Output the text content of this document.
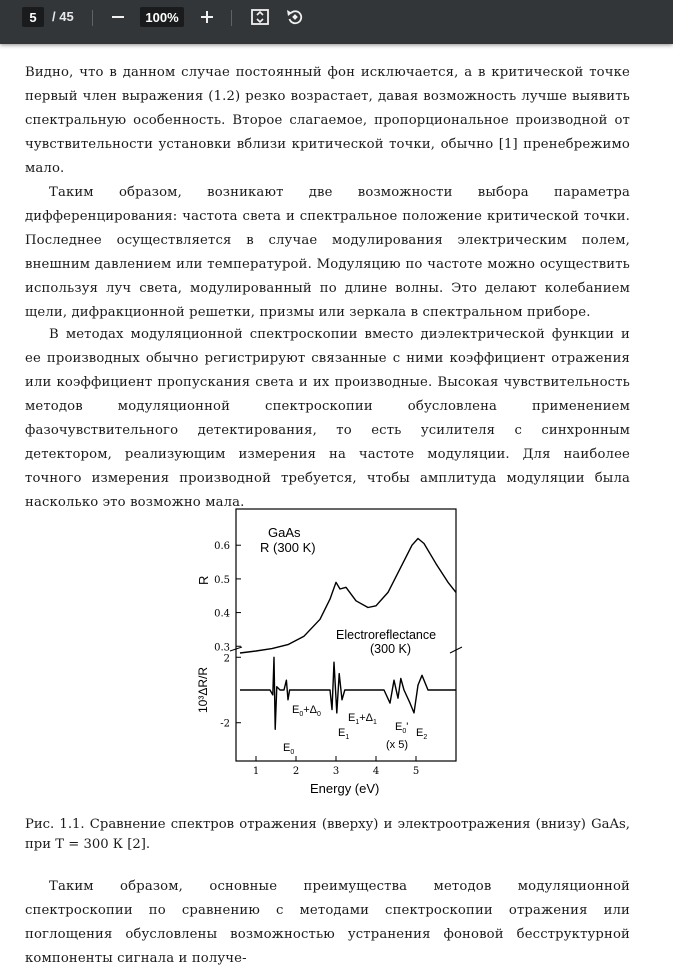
5	/ 45	100%
Видно, что в данном случае постоянный фон исключается, а в критической точке первый член выражения (1.2) резко возрастает, давая возможность лучше выявить спектральную особенность. Второе слагаемое, пропорциональное производной от чувствительности установки вблизи критической точки, обычно [1] пренебрежимо мало.
Таким образом, возникают две возможности выбора параметра дифференцирования: частота света и спектральное положение критической точки. Последнее осуществляется в случае модулирования электрическим полем, внешним давлением или температурой. Модуляцию по частоте можно осуществить используя луч света, модулированный по длине волны. Это делают колебанием щели, дифракционной решетки, призмы или зеркала в спектральном приборе.
В методах модуляционной спектроскопии вместо диэлектрической функции и ее производных обычно регистрируют связанные с ними коэффициент отражения или коэффициент пропускания света и их производные. Высокая чувствительность методов модуляционной спектроскопии обусловлена применением фазочувствительного детектирования, то есть усилителя с синхронным детектором, реализующим измерения на частоте модуляции. Для наиболее точного измерения производной требуется, чтобы амплитуда модуляции была насколько это возможно мала.
1	2	3	4	5
0.6
0.5
0.4
0.3
2
-2
GaAs
R (300 K)
Electroreflectance
(300 K)
R
10³ΔR/R
Energy (eV)
(x 5)
$E_0$
$E_0+\Delta_0$
$E_1$
$E_1+\Delta_1$ $E_0'$ $E_2$
Рис. 1.1. Сравнение спектров отражения (вверху) и электроотражения (внизу) GaAs, при T = 300 К [2].
Таким образом, основные преимущества методов модуляционной спектроскопии по сравнению с методами спектроскопии отражения или поглощения обусловлены возможностью устранения фоновой бесструктурной компоненты сигнала и получе-
